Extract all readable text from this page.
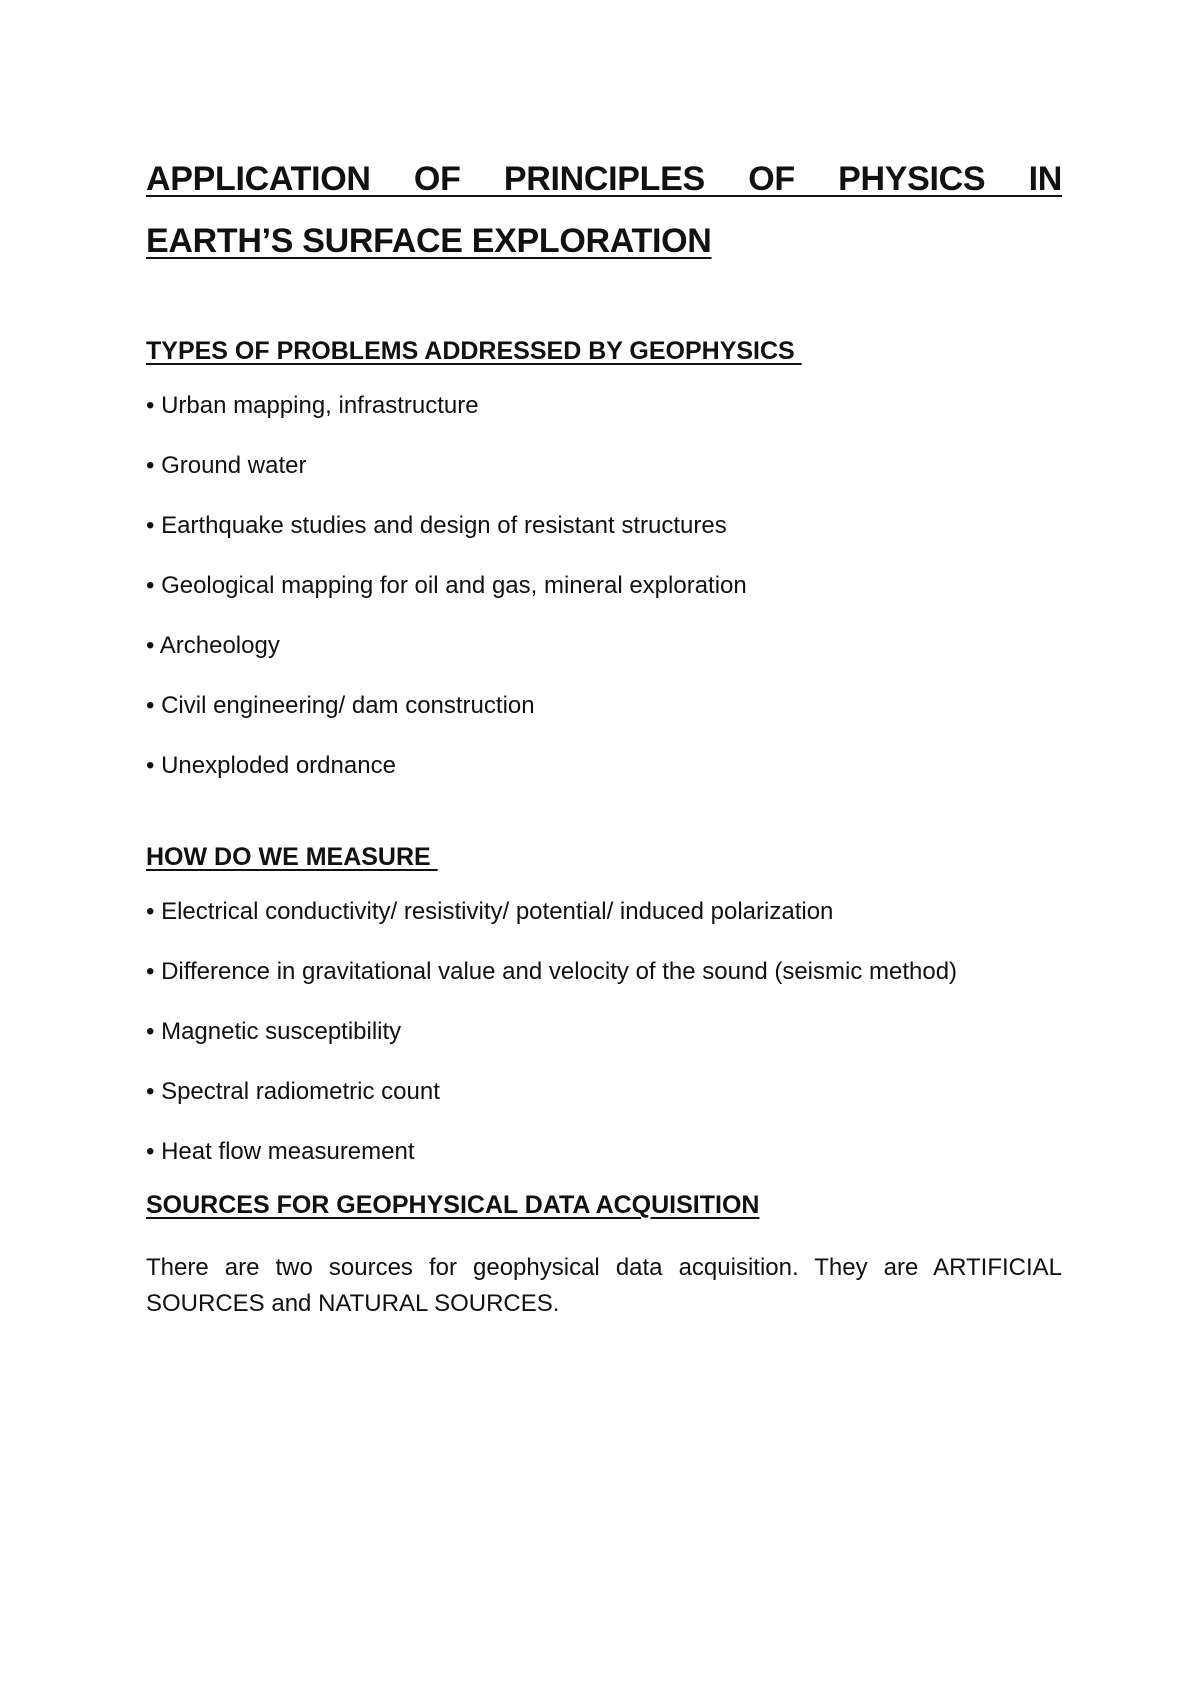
APPLICATION OF PRINCIPLES OF PHYSICS IN
EARTH’S SURFACE EXPLORATION
TYPES OF PROBLEMS ADDRESSED BY GEOPHYSICS
• Urban mapping, infrastructure
• Ground water
• Earthquake studies and design of resistant structures
• Geological mapping for oil and gas, mineral exploration
• Archeology
• Civil engineering/ dam construction
• Unexploded ordnance
HOW DO WE MEASURE
• Electrical conductivity/ resistivity/ potential/ induced polarization
• Difference in gravitational value and velocity of the sound (seismic method)
• Magnetic susceptibility
• Spectral radiometric count
• Heat flow measurement
SOURCES FOR GEOPHYSICAL DATA ACQUISITION

There are two sources for geophysical data acquisition. They are ARTIFICIAL SOURCES and NATURAL SOURCES.
